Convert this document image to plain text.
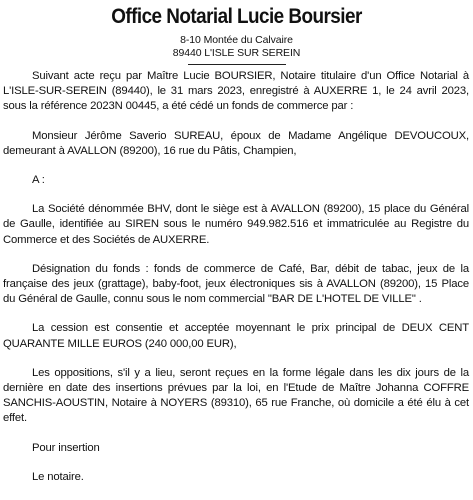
Office Notarial Lucie Boursier
8-10 Montée du Calvaire
89440 L'ISLE SUR SEREIN

Suivant acte reçu par Maître Lucie BOURSIER, Notaire titulaire d'un Office Notarial à L'ISLE-SUR-SEREIN (89440), le 31 mars 2023, enregistré à AUXERRE 1, le 24 avril 2023, sous la référence 2023N 00445, a été cédé un fonds de commerce par :

Monsieur Jérôme Saverio SUREAU, époux de Madame Angélique DEVOUCOUX, demeurant à AVALLON (89200), 16 rue du Pâtis, Champien,

A :

La Société dénommée BHV, dont le siège est à AVALLON (89200), 15 place du Général de Gaulle, identifiée au SIREN sous le numéro 949.982.516 et immatriculée au Registre du Commerce et des Sociétés de AUXERRE.

Désignation du fonds : fonds de commerce de Café, Bar, débit de tabac, jeux de la française des jeux (grattage), baby-foot, jeux électroniques sis à AVALLON (89200), 15 Place du Général de Gaulle, connu sous le nom commercial "BAR DE L'HOTEL DE VILLE" .

La cession est consentie et acceptée moyennant le prix principal de DEUX CENT QUARANTE MILLE EUROS (240 000,00 EUR),

Les oppositions, s'il y a lieu, seront reçues en la forme légale dans les dix jours de la dernière en date des insertions prévues par la loi, en l'Etude de Maître Johanna COFFRE SANCHIS-AOUSTIN, Notaire à NOYERS (89310), 65 rue Franche, où domicile a été élu à cet effet.

Pour insertion

Le notaire.
